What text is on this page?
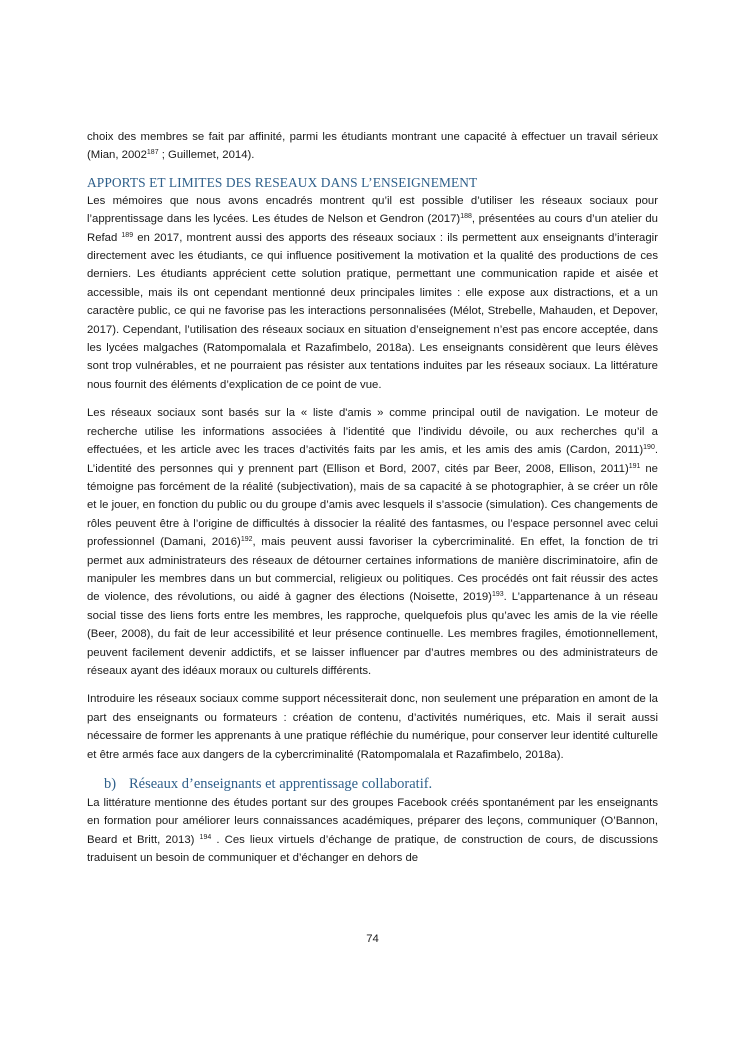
choix des membres se fait par affinité, parmi les étudiants montrant une capacité à effectuer un travail sérieux (Mian, 2002$^{187}$ ; Guillemet, 2014).

APPORTS ET LIMITES DES RESEAUX DANS L’ENSEIGNEMENT

Les mémoires que nous avons encadrés montrent qu’il est possible d’utiliser les réseaux sociaux pour l’apprentissage dans les lycées. Les études de Nelson et Gendron $(2017)^{188}$, présentées au cours d’un atelier du Refad $^{189}$ en 2017, montrent aussi des apports des réseaux sociaux : ils permettent aux enseignants d’interagir directement avec les étudiants, ce qui influence positivement la motivation et la qualité des productions de ces derniers. Les étudiants apprécient cette solution pratique, permettant une communication rapide et aisée et accessible, mais ils ont cependant mentionné deux principales limites : elle expose aux distractions, et a un caractère public, ce qui ne favorise pas les interactions personnalisées (Mélot, Strebelle, Mahauden, et Depover, 2017). Cependant, l’utilisation des réseaux sociaux en situation d’enseignement n’est pas encore acceptée, dans les lycées malgaches (Ratompomalala et Razafimbelo, 2018a). Les enseignants considèrent que leurs élèves sont trop vulnérables, et ne pourraient pas résister aux tentations induites par les réseaux sociaux. La littérature nous fournit des éléments d’explication de ce point de vue.

Les réseaux sociaux sont basés sur la « liste d'amis » comme principal outil de navigation. Le moteur de recherche utilise les informations associées à l’identité que l’individu dévoile, ou aux recherches qu’il a effectuées, et les article avec les traces d’activités faits par les amis, et les amis des amis (Cardon, 2011)$^{190}$. L’identité des personnes qui y prennent part (Ellison et Bord, 2007, cités par Beer, 2008, Ellison, 2011)$^{191}$ ne témoigne pas forcément de la réalité (subjectivation), mais de sa capacité à se photographier, à se créer un rôle et le jouer, en fonction du public ou du groupe d’amis avec lesquels il s’associe (simulation). Ces changements de rôles peuvent être à l’origine de difficultés à dissocier la réalité des fantasmes, ou l’espace personnel avec celui professionnel (Damani, 2016)$^{192}$, mais peuvent aussi favoriser la cybercriminalité. En effet, la fonction de tri permet aux administrateurs des réseaux de détourner certaines informations de manière discriminatoire, afin de manipuler les membres dans un but commercial, religieux ou politiques. Ces procédés ont fait réussir des actes de violence, des révolutions, ou aidé à gagner des élections (Noisette, 2019)$^{193}$. L’appartenance à un réseau social tisse des liens forts entre les membres, les rapproche, quelquefois plus qu’avec les amis de la vie réelle (Beer, 2008), du fait de leur accessibilité et leur présence continuelle. Les membres fragiles, émotionnellement, peuvent facilement devenir addictifs, et se laisser influencer par d’autres membres ou des administrateurs de réseaux ayant des idéaux moraux ou culturels différents.

Introduire les réseaux sociaux comme support nécessiterait donc, non seulement une préparation en amont de la part des enseignants ou formateurs : création de contenu, d’activités numériques, etc. Mais il serait aussi nécessaire de former les apprenants à une pratique réfléchie du numérique, pour conserver leur identité culturelle et être armés face aux dangers de la cybercriminalité (Ratompomalala et Razafimbelo, 2018a).

b) Réseaux d’enseignants et apprentissage collaboratif.

La littérature mentionne des études portant sur des groupes Facebook créés spontanément par les enseignants en formation pour améliorer leurs connaissances académiques, préparer des leçons, communiquer (O’Bannon, Beard et Britt, 2013) $^{194}$ . Ces lieux virtuels d’échange de pratique, de construction de cours, de discussions traduisent un besoin de communiquer et d’échanger en dehors de

74
